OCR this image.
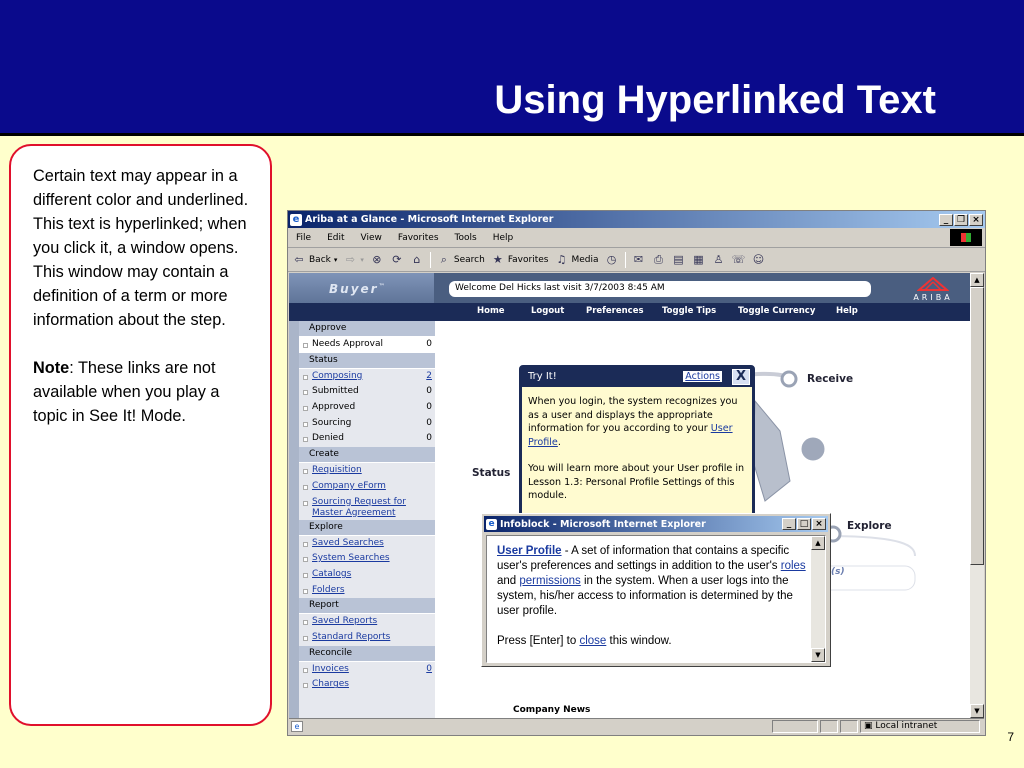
Using Hyperlinked Text

Certain text may appear in a different color and underlined. This text is hyperlinked; when you click it, a window opens. This window may contain a definition of a term or more information about the step.

Note: These links are not available when you play a topic in See It! Mode.

e Ariba at a Glance - Microsoft Internet Explorer	_ ❐ ×
File	Edit	View	Favorites	Tools	Help
⇦ Back ▾ ⇨ ▾ ⊗ ⟳	⌂	⌕ Search ★ Favorites ♫ Media ◷ ✉ ⎙ ▤ ▦ ♙ ☏ ☺
Buyer™	Welcome Del Hicks last visit 3/7/2003 8:45 AM
ARIBA
Home	Logout	Preferences Toggle Tips	Toggle Currency Help
Approve
Needs Approval	0
Status
Composing	2
Submitted	0
Approved	0
Sourcing	0
Denied	0
Create
Requisition
Company eForm
Sourcing Request for Master Agreement
Explore
Saved Searches
System Searches
Catalogs
Folders
Report
Saved Reports
Standard Reports
Reconcile
Invoices	0
Charges
Receive
Status
Explore
(s)
Company News
▲
▼
e	▣ Local intranet
Try It!	Actions	X

When you login, the system recognizes you as a user and displays the appropriate information for you according to your User Profile.

You will learn more about your User profile in Lesson 1.3: Personal Profile Settings of this module.

e Infoblock - Microsoft Internet Explorer	_ □ ×

User Profile - A set of information that contains a specific user's preferences and settings in addition to the user's roles and permissions in the system. When a user logs into the system, his/her access to information is determined by the user profile.

Press [Enter] to close this window.

▲
▼
7
